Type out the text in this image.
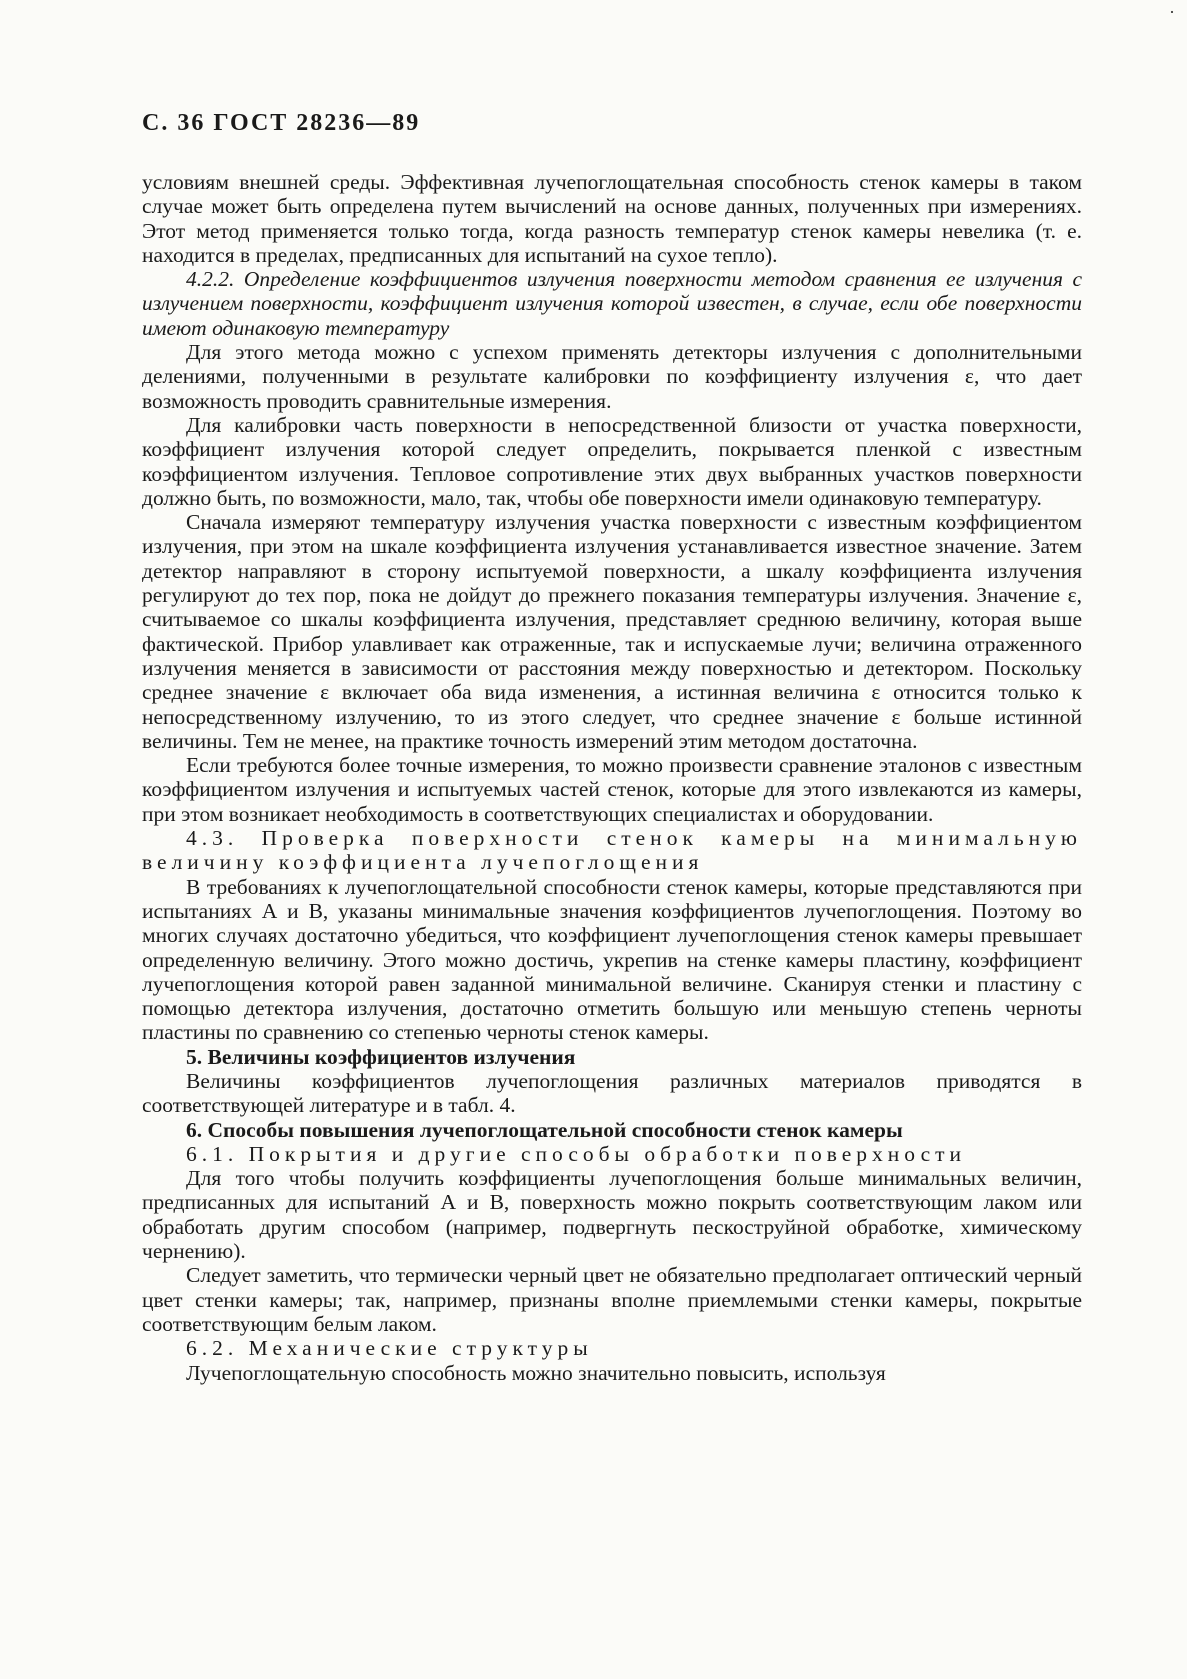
·
С. 36 ГОСТ 28236—89

условиям внешней среды. Эффективная лучепоглощательная способность стенок камеры в таком случае может быть определена путем вычислений на основе данных, полученных при измерениях. Этот метод применяется только тогда, когда разность температур стенок камеры невелика (т. е. находится в пределах, предписанных для испытаний на сухое тепло).

4.2.2. Определение коэффициентов излучения поверхности методом сравнения ее излучения с излучением поверхности, коэффициент излучения которой известен, в случае, если обе поверхности имеют одинаковую температуру

Для этого метода можно с успехом применять детекторы излучения с дополнительными делениями, полученными в результате калибровки по коэффициенту излучения ε, что дает возможность проводить сравнительные измерения.

Для калибровки часть поверхности в непосредственной близости от участка поверхности, коэффициент излучения которой следует определить, покрывается пленкой с известным коэффициентом излучения. Тепловое сопротивление этих двух выбранных участков поверхности должно быть, по возможности, мало, так, чтобы обе поверхности имели одинаковую температуру.

Сначала измеряют температуру излучения участка поверхности с известным коэффициентом излучения, при этом на шкале коэффициента излучения устанавливается известное значение. Затем детектор направляют в сторону испытуемой поверхности, а шкалу коэффициента излучения регулируют до тех пор, пока не дойдут до прежнего показания температуры излучения. Значение ε, считываемое со шкалы коэффициента излучения, представляет среднюю величину, которая выше фактической. Прибор улавливает как отраженные, так и испускаемые лучи; величина отраженного излучения меняется в зависимости от расстояния между поверхностью и детектором. Поскольку среднее значение ε включает оба вида изменения, а истинная величина ε относится только к непосредственному излучению, то из этого следует, что среднее значение ε больше истинной величины. Тем не менее, на практике точность измерений этим методом достаточна.

Если требуются более точные измерения, то можно произвести сравнение эталонов с известным коэффициентом излучения и испытуемых частей стенок, которые для этого извлекаются из камеры, при этом возникает необходимость в соответствующих специалистах и оборудовании.

4.3. Проверка поверхности стенок камеры на минимальную величину коэффициента лучепоглощения

В требованиях к лучепоглощательной способности стенок камеры, которые представляются при испытаниях А и В, указаны минимальные значения коэффициентов лучепоглощения. Поэтому во многих случаях достаточно убедиться, что коэффициент лучепоглощения стенок камеры превышает определенную величину. Этого можно достичь, укрепив на стенке камеры пластину, коэффициент лучепоглощения которой равен заданной минимальной величине. Сканируя стенки и пластину с помощью детектора излучения, достаточно отметить большую или меньшую степень черноты пластины по сравнению со степенью черноты стенок камеры.

5. Величины коэффициентов излучения

Величины коэффициентов лучепоглощения различных материалов приводятся в соответствующей литературе и в табл. 4.

6. Способы повышения лучепоглощательной способности стенок камеры

6.1. Покрытия и другие способы обработки поверхности

Для того чтобы получить коэффициенты лучепоглощения больше минимальных величин, предписанных для испытаний А и В, поверхность можно покрыть соответствующим лаком или обработать другим способом (например, подвергнуть пескоструйной обработке, химическому чернению).

Следует заметить, что термически черный цвет не обязательно предполагает оптический черный цвет стенки камеры; так, например, признаны вполне приемлемыми стенки камеры, покрытые соответствующим белым лаком.

6.2. Механические структуры

Лучепоглощательную способность можно значительно повысить, используя
